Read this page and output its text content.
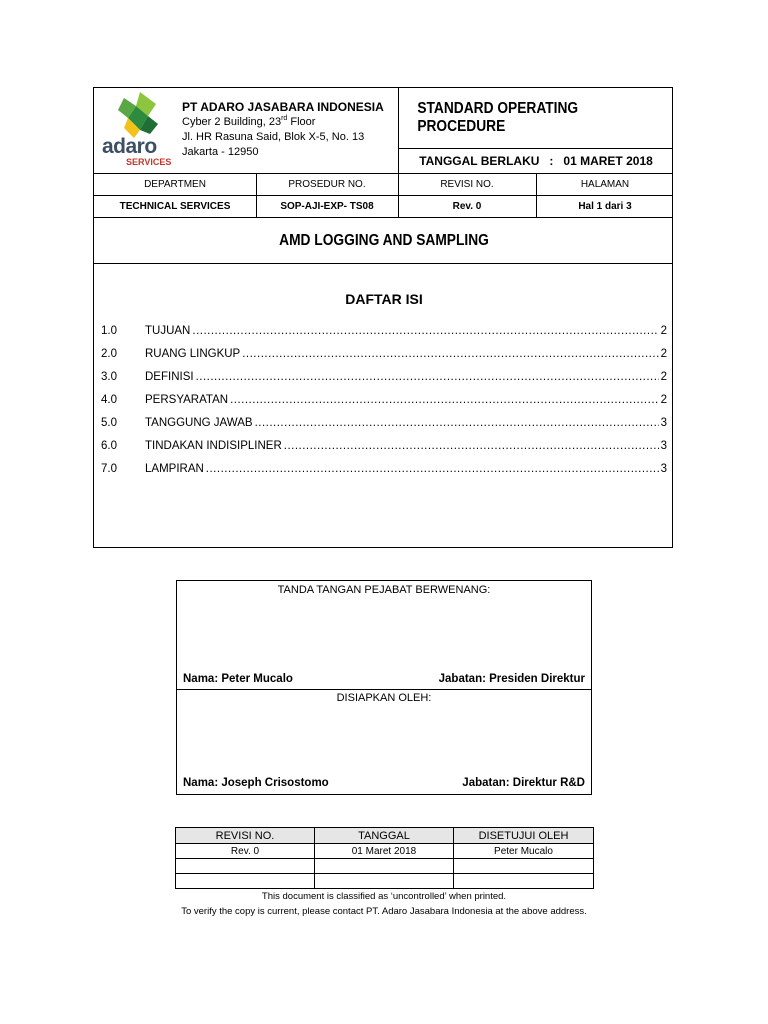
adaro
SERVICES
PT ADARO JASABARA INDONESIA
Cyber 2 Building, 23rd Floor
Jl. HR Rasuna Said, Blok X-5, No. 13
Jakarta - 12950
STANDARD OPERATING PROCEDURE
TANGGAL BERLAKU : 01 MARET 2018
DEPARTMEN	PROSEDUR NO.	REVISI NO.	HALAMAN
TECHNICAL SERVICES	SOP-AJI-EXP- TS08	Rev. 0	Hal 1 dari 3
AMD LOGGING AND SAMPLING
DAFTAR ISI
1.0	TUJUAN .....	2
2.0	RUANG LINGKUP .....	2
3.0	DEFINISI .....	2
4.0	PERSYARATAN .....	2
5.0	TANGGUNG JAWAB .....	3
6.0	TINDAKAN INDISIPLINER .....	3
7.0	LAMPIRAN .....	3
TANDA TANGAN PEJABAT BERWENANG:
Nama: Peter Mucalo	Jabatan: Presiden Direktur
DISIAPKAN OLEH:
Nama: Joseph Crisostomo	Jabatan: Direktur R&D
REVISI NO.	TANGGAL	DISETUJUI OLEH
Rev. 0	01 Maret 2018	Peter Mucalo

This document is classified as ‘uncontrolled’ when printed.
To verify the copy is current, please contact PT. Adaro Jasabara Indonesia at the above address.
